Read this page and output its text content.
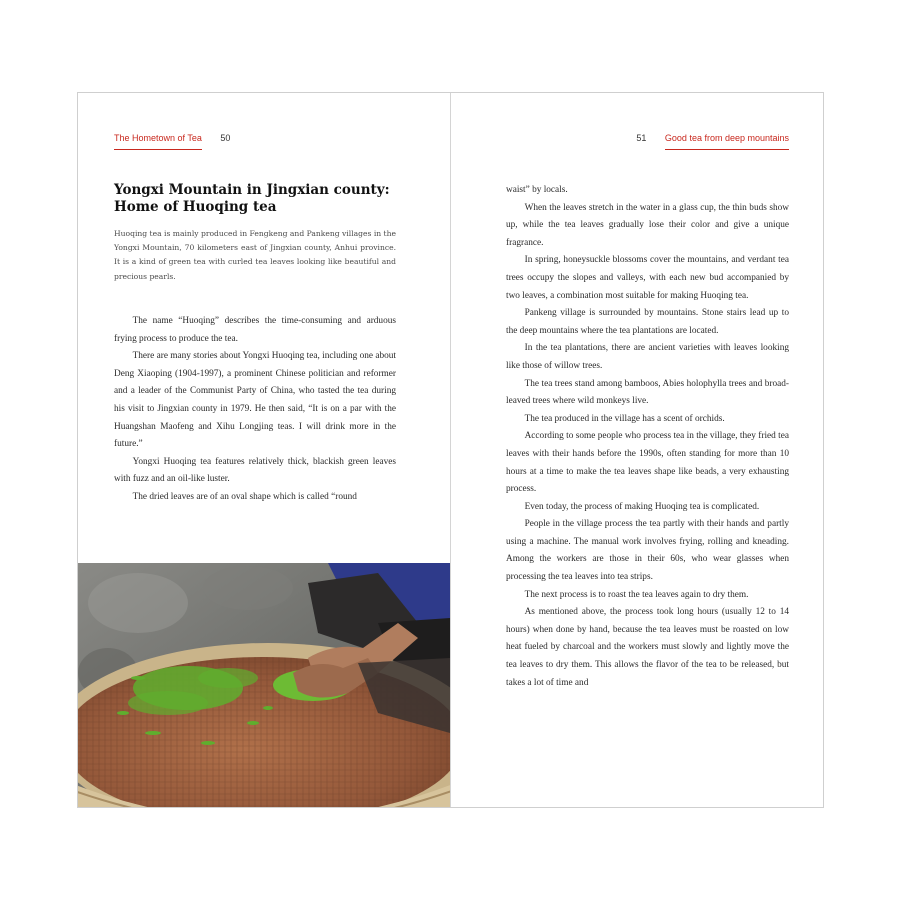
The Hometown of Tea 50
Yongxi Mountain in Jingxian county:
Home of Huoqing tea

Huoqing tea is mainly produced in Fengkeng and Pankeng villages in the Yongxi Mountain, 70 kilometers east of Jingxian county, Anhui province. It is a kind of green tea with curled tea leaves looking like beautiful and precious pearls.

The name “Huoqing” describes the time-consuming and arduous frying process to produce the tea.

There are many stories about Yongxi Huoqing tea, including one about Deng Xiaoping (1904-1997), a prominent Chinese politician and reformer and a leader of the Communist Party of China, who tasted the tea during his visit to Jingxian county in 1979. He then said, “It is on a par with the Huangshan Maofeng and Xihu Longjing teas. I will drink more in the future.”

Yongxi Huoqing tea features relatively thick, blackish green leaves with fuzz and an oil-like luster.

The dried leaves are of an oval shape which is called “round

51 Good tea from deep mountains

waist” by locals.

When the leaves stretch in the water in a glass cup, the thin buds show up, while the tea leaves gradually lose their color and give a unique fragrance.

In spring, honeysuckle blossoms cover the mountains, and verdant tea trees occupy the slopes and valleys, with each new bud accompanied by two leaves, a combination most suitable for making Huoqing tea.

Pankeng village is surrounded by mountains. Stone stairs lead up to the deep mountains where the tea plantations are located.

In the tea plantations, there are ancient varieties with leaves looking like those of willow trees.

The tea trees stand among bamboos, Abies holophylla trees and broad-leaved trees where wild monkeys live.

The tea produced in the village has a scent of orchids.

According to some people who process tea in the village, they fried tea leaves with their hands before the 1990s, often standing for more than 10 hours at a time to make the tea leaves shape like beads, a very exhausting process.

Even today, the process of making Huoqing tea is complicated.

People in the village process the tea partly with their hands and partly using a machine. The manual work involves frying, rolling and kneading. Among the workers are those in their 60s, who wear glasses when processing the tea leaves into tea strips.

The next process is to roast the tea leaves again to dry them.

As mentioned above, the process took long hours (usually 12 to 14 hours) when done by hand, because the tea leaves must be roasted on low heat fueled by charcoal and the workers must slowly and lightly move the tea leaves to dry them. This allows the flavor of the tea to be released, but takes a lot of time and
